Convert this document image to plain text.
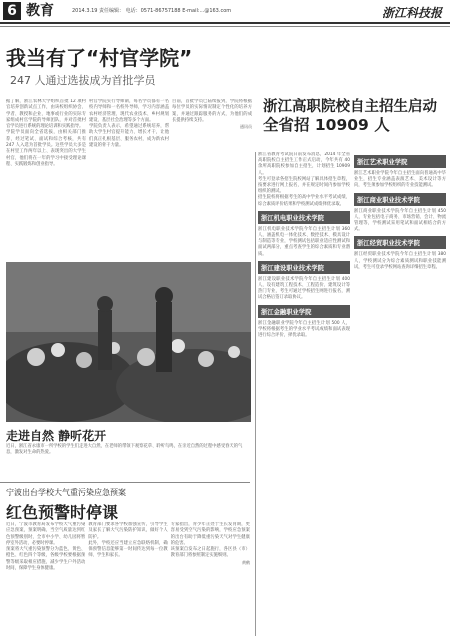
6 教育	2014.3.19 责任编辑： 电话：0571-86757188 E-mail:...@163.com	浙江科技报
我当有了“村官学院”
247 人通过选拔成为首批学员

据了解，浙江农林大学组织首批 12 项村官培养创新试点工作，由该校组织协会、学者、教授和企业、地事或行业的实际专家组成村官学院的导师团队，并对首批村官学员进行系统的理论培训和实践指导。

学院学员面向全省选拔，由相关部门推荐，经过笔试、面试和综合考核，共有 247 人入选为首批学员。这些学员大多是在村里工作两年以上、表现突出的大学生村官，他们将在一年的学习中接受理论课程、实践锻炼和创业指导。

村官学院实行导师制，每名学员都有一名校内导师和一名校外导师，学习内容涵盖农村经济管理、现代农业技术、乡村规划建设、基层社会治理等多个方面。

学院负责人表示，希望通过系统培养，帮助大学生村官提升能力、增长才干，让他们真正扎根基层、服务农村，成为新农村建设的骨干力量。

目前，首批学员已陆续报到，学院将根据每位学员的实际情况制定个性化的培养方案，并通过跟踪服务的方式，为他们的成长提供持续支持。

通讯员

走进自然 静听花开
近日，浙江省永康市一所学校的学生们走进大自然，在老师的带领下观察花草、聆听鸟鸣，在亲近自然的过程中感受春天的气息，激发对生命的热爱。
宁波出台学校大气重污染应急预案
红色预警时停课

近日，宁波市教育局发布学校大气重污染应急预案，预案明确，当空气质量达到红色预警级别时，全市中小学、幼儿园将暂停室外活动，必要时停课。

预案将大气重污染预警分为蓝色、黄色、橙色、红色四个等级，各级学校要根据预警等级采取相应措施，减少学生户外活动时间，保障学生身体健康。

教育部门要求各学校加强宣传，引导学生及家长了解大气污染防护知识，做好个人防护。

此外，学校还应当建立应急联络机制，确保预警信息能够第一时间传达到每一位教师、学生和家长。

专家指出，青少年正处于生长发育期，更容易受到空气污染的影响，学校应急预案的出台有助于降低重污染天气对学生健康的危害。

该预案自发布之日起施行，各区县（市）教育部门将参照制定实施细则。

黄鹤

浙江高职院校自主招生启动
全省招 10909 人

浙江省教育考试院日前发布消息，2014 年全省高职院校自主招生工作正式启动，今年共有 40 余所高职院校参加自主招生，计划招生 10909 人。

考生可登录各招生院校网站了解具体招生章程，按要求进行网上报名，并在规定时间内参加学校组织的测试。

招生院校将根据考生的高中学业水平考试成绩、综合素质评价结果和学校测试成绩择优录取。

浙江机电职业技术学院

浙江机电职业技术学院今年自主招生计划 360 人，涵盖机电一体化技术、数控技术、模具设计与制造等专业，学校测试包括职业适应性测试和面试两部分，重点考查学生的综合素质和专业潜质。

浙江建设职业技术学院

浙江建设职业技术学院今年自主招生计划 400 人，设有建筑工程技术、工程造价、建筑设计等热门专业，考生可通过学校招生网进行报名，测试合格后签订录取协议。

浙江金融职业学院

浙江金融职业学院今年自主招生计划 500 人，学校将根据考生的学业水平考试成绩和面试表现进行综合评价，择优录取。

浙江艺术职业学院

浙江艺术职业学院今年自主招生面向普通高中毕业生，招生专业涵盖表演艺术、美术设计等方向，考生须参加学校组织的专业技能测试。

浙江商业职业技术学院

浙江商业职业技术学院今年自主招生计划 450 人，专业包括电子商务、市场营销、会计、物流管理等，学校测试采用笔试和面试相结合的方式。

浙江经贸职业技术学院

浙江经贸职业技术学院今年自主招生计划 380 人，学校测试分为综合素质测试和职业技能测试，考生可登录学校网站查询详细招生章程。
